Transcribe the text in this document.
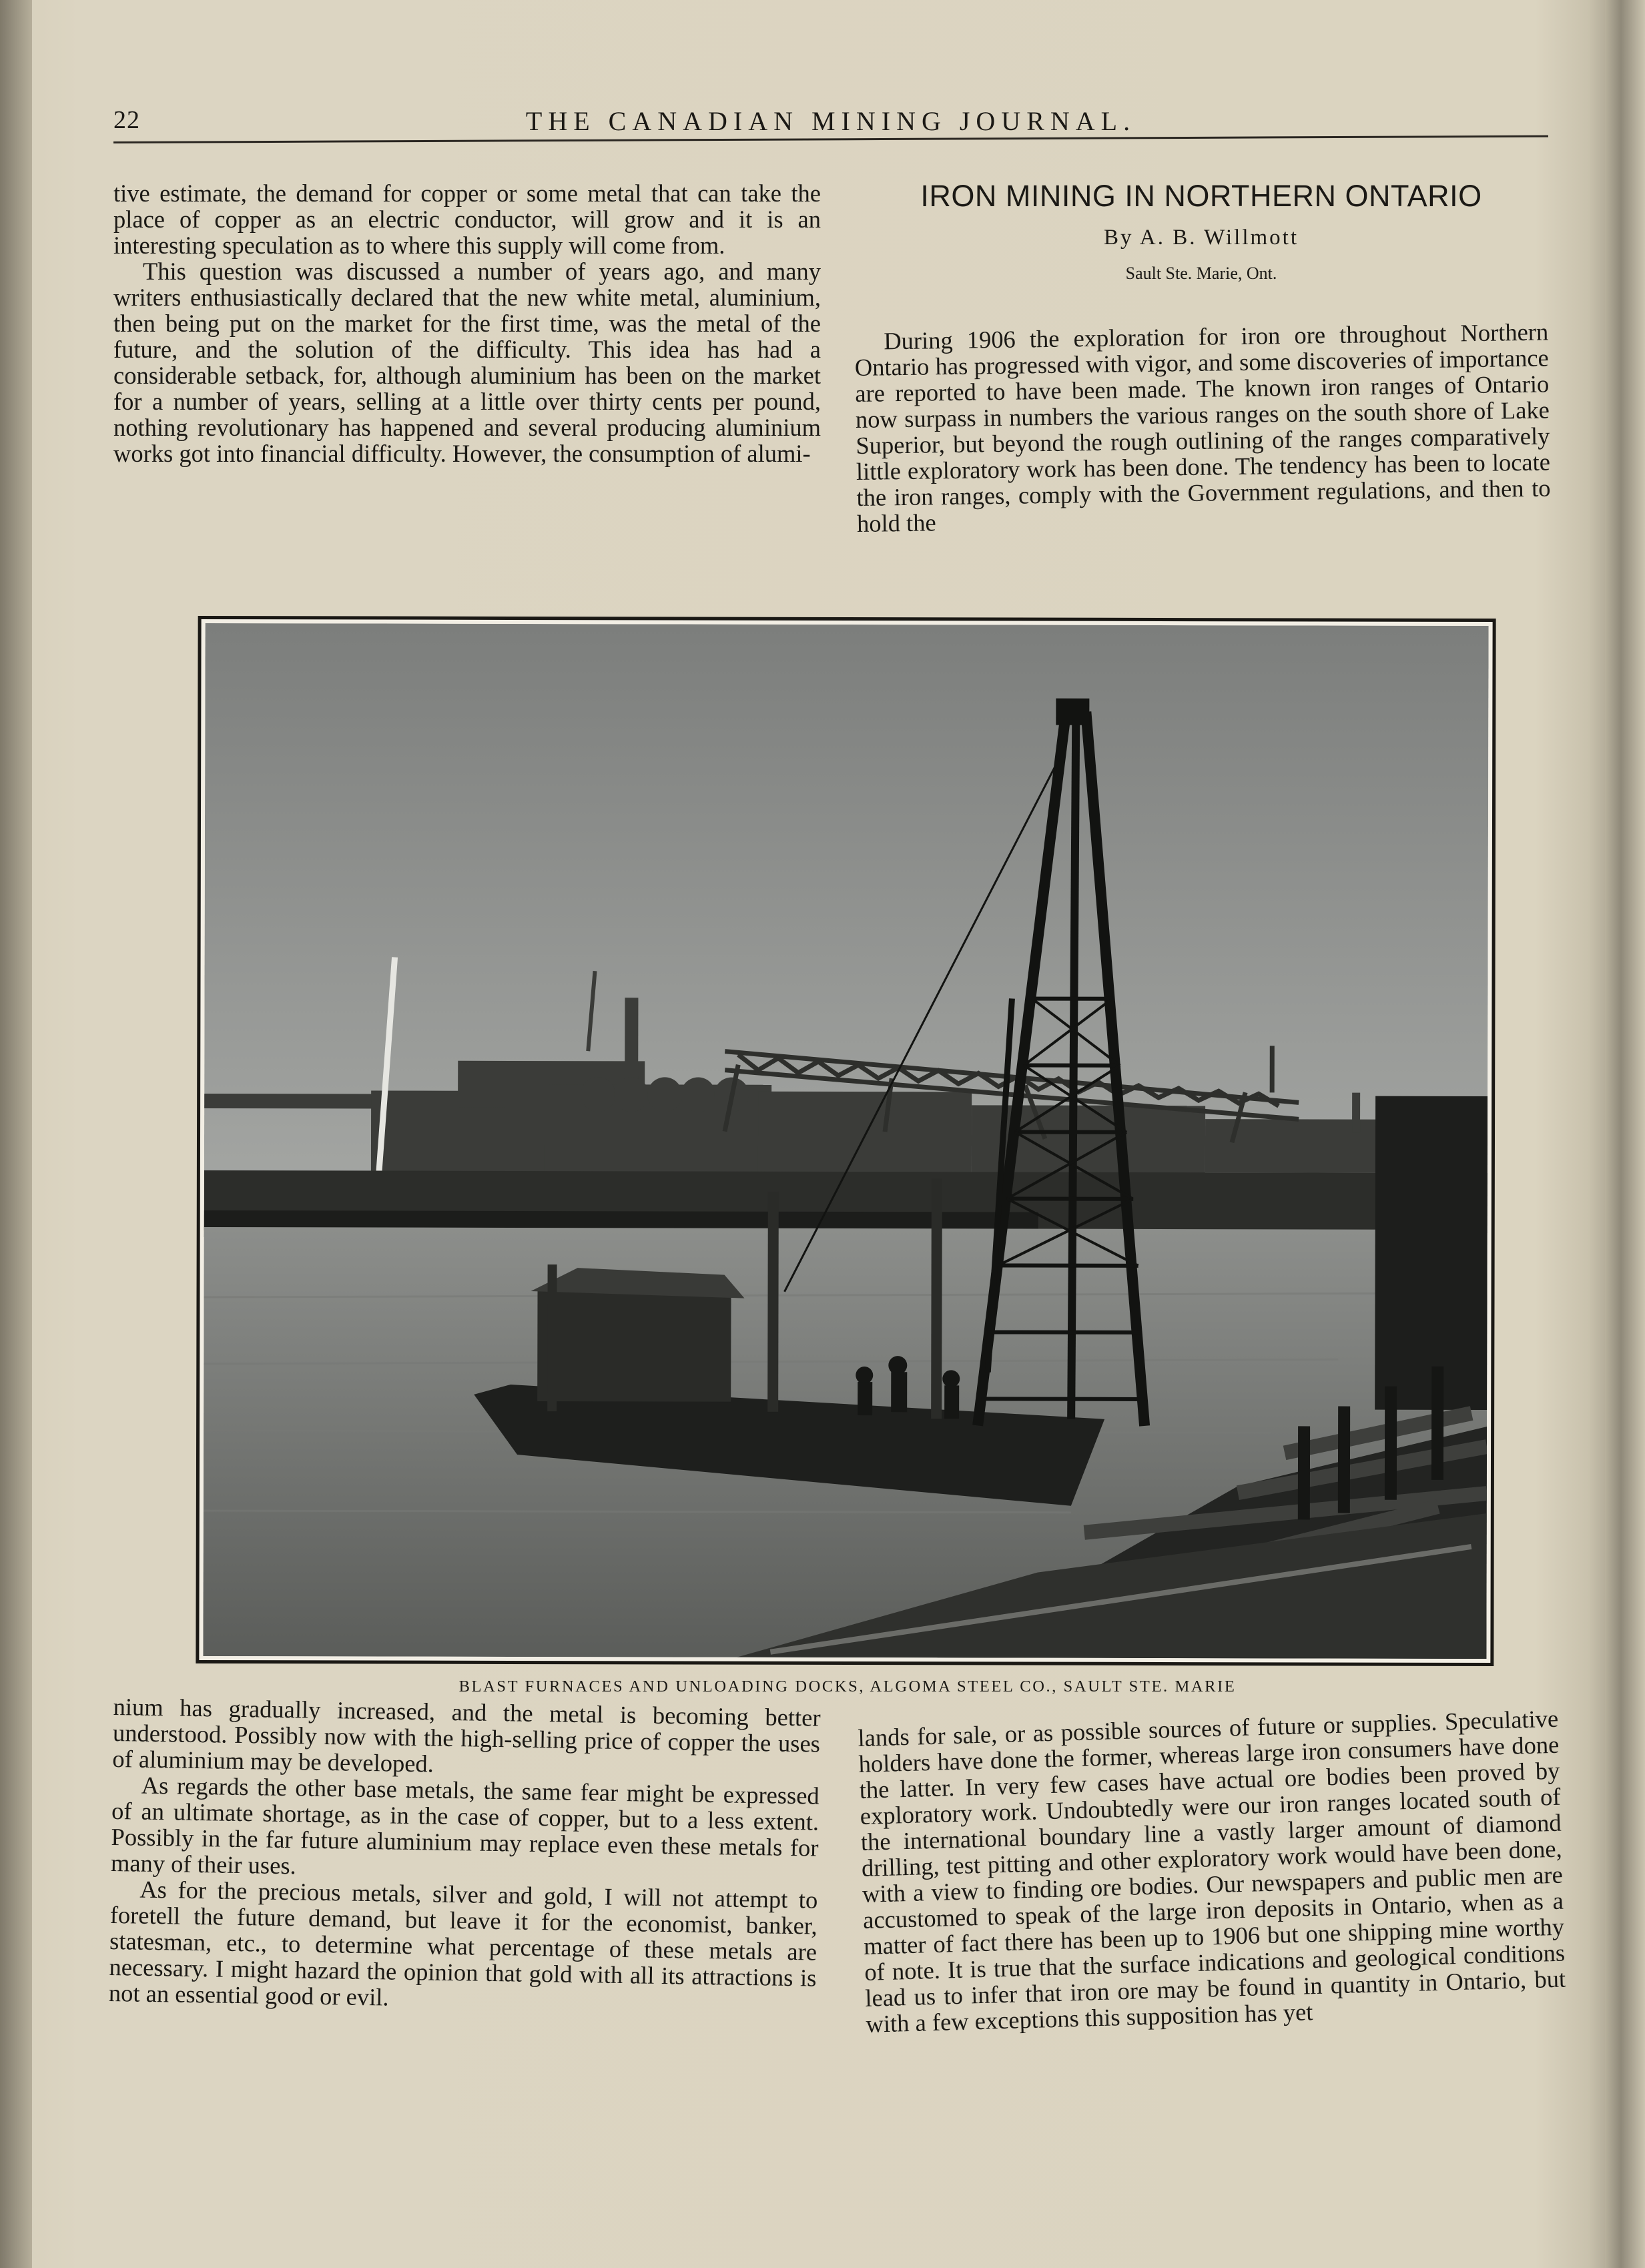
22	THE CANADIAN MINING JOURNAL.

tive estimate, the demand for copper or some metal that can take the place of copper as an electric conductor, will grow and it is an interesting speculation as to where this supply will come from.

This question was discussed a number of years ago, and many writers enthusiastically declared that the new white metal, aluminium, then being put on the market for the first time, was the metal of the future, and the solution of the difficulty. This idea has had a considerable setback, for, although aluminium has been on the market for a number of years, selling at a little over thirty cents per pound, nothing revolutionary has happened and several producing aluminium works got into financial difficulty. However, the consumption of alumi-

IRON MINING IN NORTHERN ONTARIO
By A. B. Willmott
Sault Ste. Marie, Ont.

During 1906 the exploration for iron ore throughout Northern Ontario has progressed with vigor, and some discoveries of importance are reported to have been made. The known iron ranges of Ontario now surpass in numbers the various ranges on the south shore of Lake Superior, but beyond the rough outlining of the ranges comparatively little exploratory work has been done. The tendency has been to locate the iron ranges, comply with the Government regulations, and then to hold the

BLAST FURNACES AND UNLOADING DOCKS, ALGOMA STEEL CO., SAULT STE. MARIE

nium has gradually increased, and the metal is becoming better understood. Possibly now with the high-selling price of copper the uses of aluminium may be developed.

As regards the other base metals, the same fear might be expressed of an ultimate shortage, as in the case of copper, but to a less extent. Possibly in the far future aluminium may replace even these metals for many of their uses.

As for the precious metals, silver and gold, I will not attempt to foretell the future demand, but leave it for the economist, banker, statesman, etc., to determine what percentage of these metals are necessary. I might hazard the opinion that gold with all its attractions is not an essential good or evil.

lands for sale, or as possible sources of future or supplies. Speculative holders have done the former, whereas large iron consumers have done the latter. In very few cases have actual ore bodies been proved by exploratory work. Undoubtedly were our iron ranges located south of the international boundary line a vastly larger amount of diamond drilling, test pitting and other exploratory work would have been done, with a view to finding ore bodies. Our newspapers and public men are accustomed to speak of the large iron deposits in Ontario, when as a matter of fact there has been up to 1906 but one shipping mine worthy of note. It is true that the surface indications and geological conditions lead us to infer that iron ore may be found in quantity in Ontario, but with a few exceptions this supposition has yet
